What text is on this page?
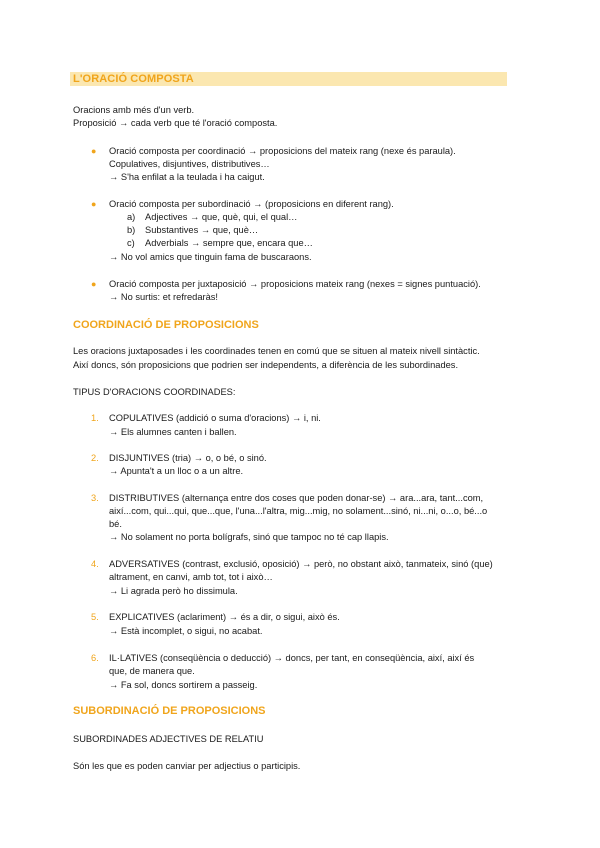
L'ORACIÓ COMPOSTA
Oracions amb més d'un verb.
Proposició → cada verb que té l'oració composta.
● Oració composta per coordinació → proposicions del mateix rang (nexe és paraula).
Copulatives, disjuntives, distributives…
→ S'ha enfilat a la teulada i ha caigut.
● Oració composta per subordinació → (proposicions en diferent rang).
a) Adjectives → que, què, qui, el qual…
b) Substantives → que, què…
c) Adverbials → sempre que, encara que…
→ No vol amics que tinguin fama de buscaraons.
● Oració composta per juxtaposició → proposicions mateix rang (nexes = signes puntuació).
→ No surtis: et refredaràs!
COORDINACIÓ DE PROPOSICIONS
Les oracions juxtaposades i les coordinades tenen en comú que se situen al mateix nivell sintàctic.
Així doncs, són proposicions que podrien ser independents, a diferència de les subordinades.
TIPUS D'ORACIONS COORDINADES:
1. COPULATIVES (addició o suma d'oracions) → i, ni.
→ Els alumnes canten i ballen.
2. DISJUNTIVES (tria) → o, o bé, o sinó.
→ Apunta't a un lloc o a un altre.
3. DISTRIBUTIVES (alternança entre dos coses que poden donar-se) → ara...ara, tant...com,
així...com, qui...qui, que...que, l'una...l'altra, mig...mig, no solament...sinó, ni...ni, o...o, bé...o
bé.
→ No solament no porta bolígrafs, sinó que tampoc no té cap llapis.
4. ADVERSATIVES (contrast, exclusió, oposició) → però, no obstant això, tanmateix, sinó (que)
altrament, en canvi, amb tot, tot i això…
→ Li agrada però ho dissimula.
5. EXPLICATIVES (aclariment) → és a dir, o sigui, això és.
→ Està incomplet, o sigui, no acabat.
6. IL·LATIVES (conseqüència o deducció) → doncs, per tant, en conseqüència, així, així és
que, de manera que.
→ Fa sol, doncs sortirem a passeig.
SUBORDINACIÓ DE PROPOSICIONS
SUBORDINADES ADJECTIVES DE RELATIU
Són les que es poden canviar per adjectius o participis.
